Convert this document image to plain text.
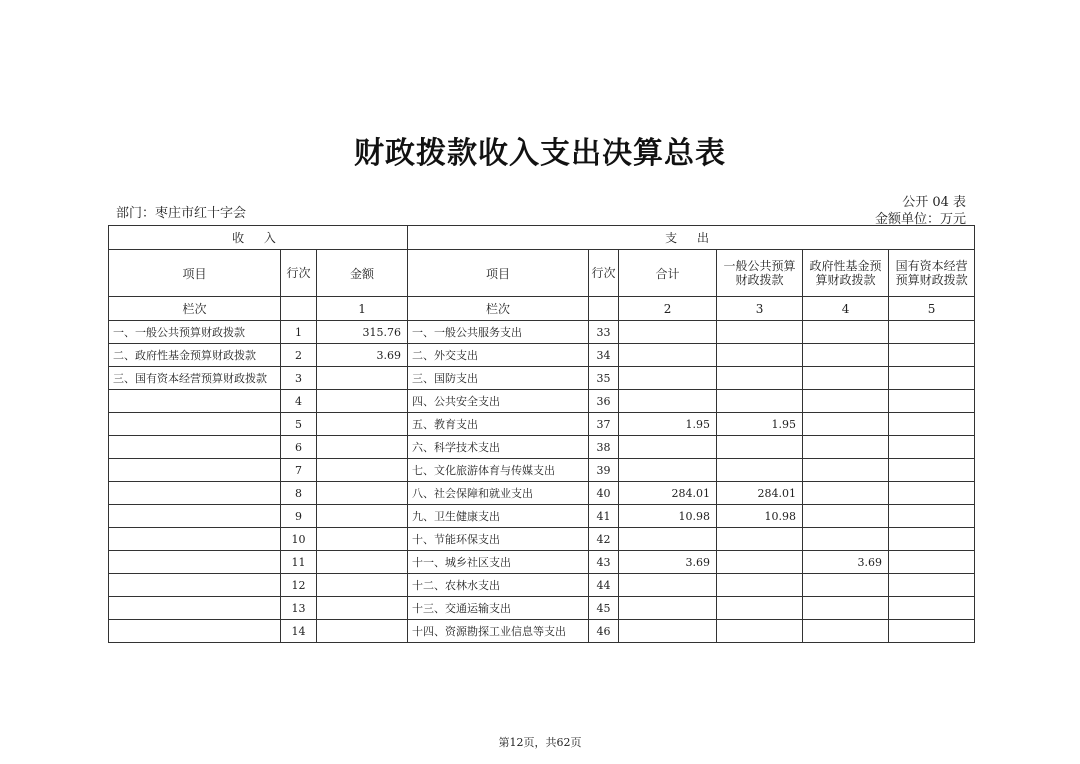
财政拨款收入支出决算总表
部门：枣庄市红十字会
公开 04 表
金额单位：万元
收 入			支 出					
项目	行次	金额	项目	行次	合计	一般公共预算财政拨款	政府性基金预算财政拨款	国有资本经营预算财政拨款
栏次		1	栏次		2	3	4	5
一、一般公共预算财政拨款	1	315.76	一、一般公共服务支出	33				
二、政府性基金预算财政拨款	2	3.69	二、外交支出	34				
三、国有资本经营预算财政拨款	3		三、国防支出	35				
	4		四、公共安全支出	36				
	5		五、教育支出	37	1.95	1.95		
	6		六、科学技术支出	38				
	7		七、文化旅游体育与传媒支出	39				
	8		八、社会保障和就业支出	40	284.01	284.01		
	9		九、卫生健康支出	41	10.98	10.98		
	10		十、节能环保支出	42				
	11		十一、城乡社区支出	43	3.69		3.69	
	12		十二、农林水支出	44				
	13		十三、交通运输支出	45				
	14		十四、资源勘探工业信息等支出	46				
第12页，共62页
